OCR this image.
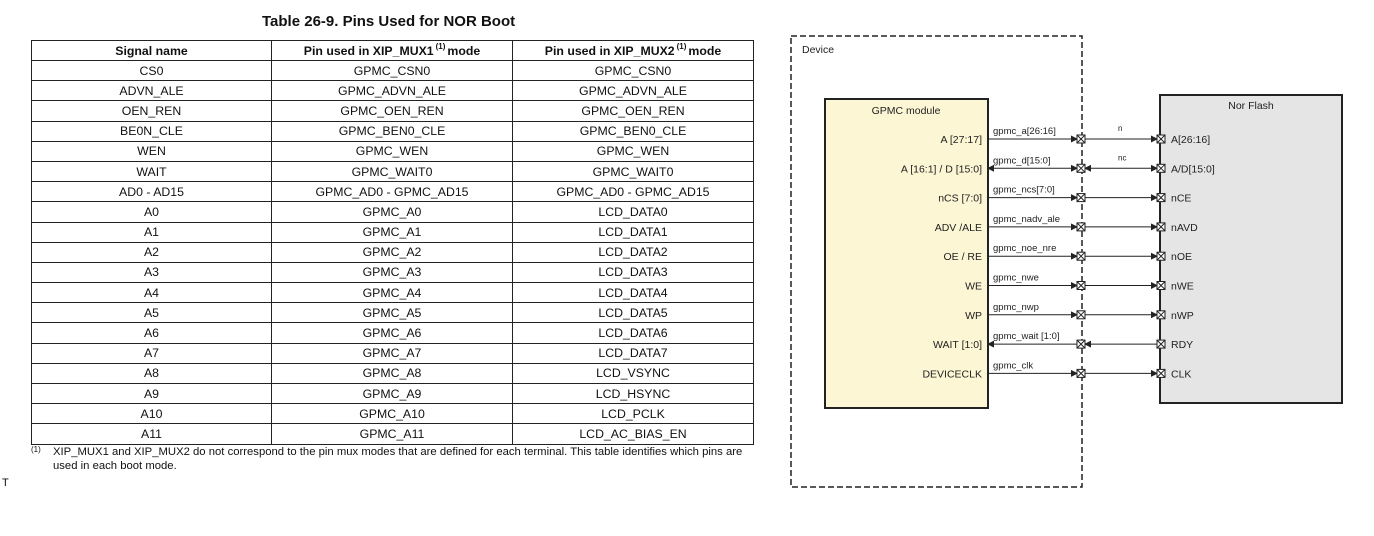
Table 26-9. Pins Used for NOR Boot
Signal name	Pin used in XIP_MUX1 $^{(1)}$ mode	Pin used in XIP_MUX2 $^{(1)}$ mode
CS0	GPMC_CSN0	GPMC_CSN0
ADVN_ALE	GPMC_ADVN_ALE	GPMC_ADVN_ALE
OEN_REN	GPMC_OEN_REN	GPMC_OEN_REN
BE0N_CLE	GPMC_BEN0_CLE	GPMC_BEN0_CLE
WEN	GPMC_WEN	GPMC_WEN
WAIT	GPMC_WAIT0	GPMC_WAIT0
AD0 - AD15	GPMC_AD0 - GPMC_AD15	GPMC_AD0 - GPMC_AD15
A0	GPMC_A0	LCD_DATA0
A1	GPMC_A1	LCD_DATA1
A2	GPMC_A2	LCD_DATA2
A3	GPMC_A3	LCD_DATA3
A4	GPMC_A4	LCD_DATA4
A5	GPMC_A5	LCD_DATA5
A6	GPMC_A6	LCD_DATA6
A7	GPMC_A7	LCD_DATA7
A8	GPMC_A8	LCD_VSYNC
A9	GPMC_A9	LCD_HSYNC
A10	GPMC_A10	LCD_PCLK
A11	GPMC_A11	LCD_AC_BIAS_EN
(1) XIP_MUX1 and XIP_MUX2 do not correspond to the pin mux modes that are defined for each terminal. This table identifies which pins are used in each boot mode.
T
Device
GPMC module	Nor Flash
A [27:17]
gpmc_a[26:16]
A[26:16]
n
A [16:1] / D [15:0]
gpmc_d[15:0]
A/D[15:0]
nc
nCS [7:0]
gpmc_ncs[7:0]
nCE
ADV /ALE
gpmc_nadv_ale
nAVD
OE / RE
gpmc_noe_nre
nOE
WE
gpmc_nwe
nWE
WP
gpmc_nwp
nWP
WAIT [1:0]
gpmc_wait [1:0]
RDY
DEVICECLK
gpmc_clk
CLK
